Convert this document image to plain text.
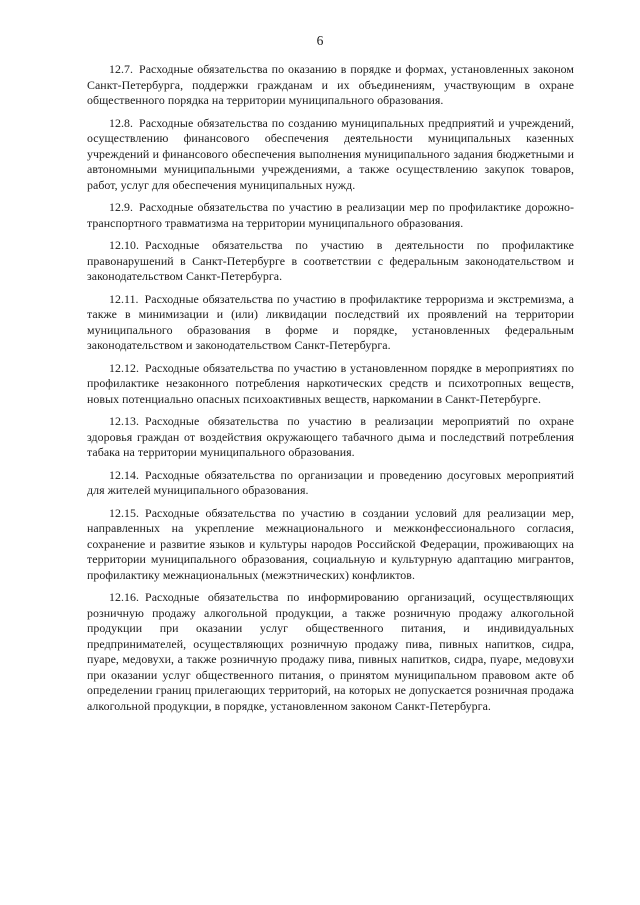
6

12.7. Расходные обязательства по оказанию в порядке и формах, установленных законом Санкт-Петербурга, поддержки гражданам и их объединениям, участвующим в охране общественного порядка на территории муниципального образования.

12.8. Расходные обязательства по созданию муниципальных предприятий и учреждений, осуществлению финансового обеспечения деятельности муниципальных казенных учреждений и финансового обеспечения выполнения муниципального задания бюджетными и автономными муниципальными учреждениями, а также осуществлению закупок товаров, работ, услуг для обеспечения муниципальных нужд.

12.9. Расходные обязательства по участию в реализации мер по профилактике дорожно-транспортного травматизма на территории муниципального образования.

12.10. Расходные обязательства по участию в деятельности по профилактике правонарушений в Санкт-Петербурге в соответствии с федеральным законодательством и законодательством Санкт-Петербурга.

12.11. Расходные обязательства по участию в профилактике терроризма и экстремизма, а также в минимизации и (или) ликвидации последствий их проявлений на территории муниципального образования в форме и порядке, установленных федеральным законодательством и законодательством Санкт-Петербурга.

12.12. Расходные обязательства по участию в установленном порядке в мероприятиях по профилактике незаконного потребления наркотических средств и психотропных веществ, новых потенциально опасных психоактивных веществ, наркомании в Санкт-Петербурге.

12.13. Расходные обязательства по участию в реализации мероприятий по охране здоровья граждан от воздействия окружающего табачного дыма и последствий потребления табака на территории муниципального образования.

12.14. Расходные обязательства по организации и проведению досуговых мероприятий для жителей муниципального образования.

12.15. Расходные обязательства по участию в создании условий для реализации мер, направленных на укрепление межнационального и межконфессионального согласия, сохранение и развитие языков и культуры народов Российской Федерации, проживающих на территории муниципального образования, социальную и культурную адаптацию мигрантов, профилактику межнациональных (межэтнических) конфликтов.

12.16. Расходные обязательства по информированию организаций, осуществляющих розничную продажу алкогольной продукции, а также розничную продажу алкогольной продукции при оказании услуг общественного питания, и индивидуальных предпринимателей, осуществляющих розничную продажу пива, пивных напитков, сидра, пуаре, медовухи, а также розничную продажу пива, пивных напитков, сидра, пуаре, медовухи при оказании услуг общественного питания, о принятом муниципальном правовом акте об определении границ прилегающих территорий, на которых не допускается розничная продажа алкогольной продукции, в порядке, установленном законом Санкт-Петербурга.
